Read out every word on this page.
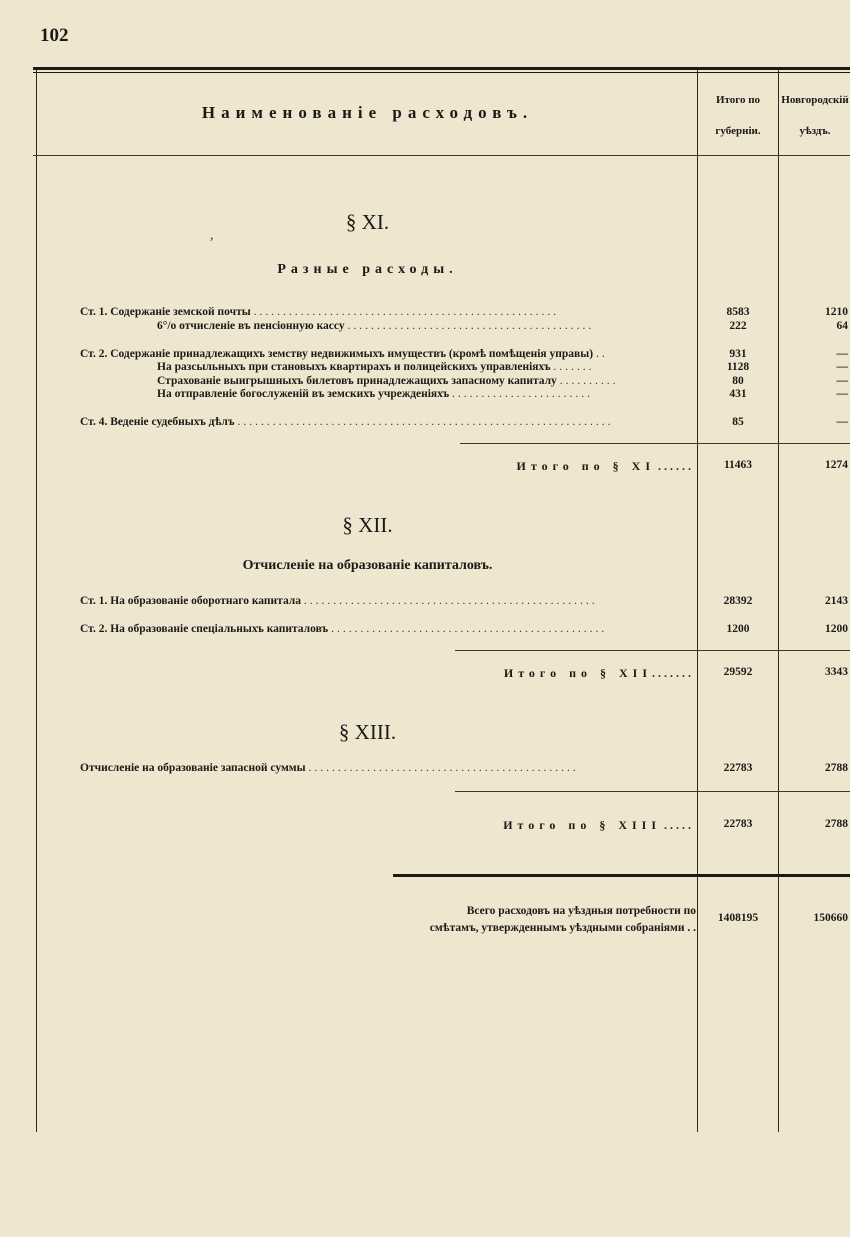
102
Наименованіе расходовъ.
Итого по
губерніи.
Новгородскій
уѣздъ.
§ XI.
,
Разные расходы.
Ст. 1. Содержаніе земской почты ....................................................	8583	1210
6°/o отчисленіе въ пенсіонную кассу ..........................................	222	64
Ст. 2. Содержаніе принадлежащихъ земству недвижимыхъ имуществъ (кромѣ помѣщенія управы) ..	931	—
На разсыльныхъ при становыхъ квартирахъ и полицейскихъ управленіяхъ .......	1128	—
Страхованіе выигрышныхъ билетовъ принадлежащихъ запасному капиталу ..........	80	—
На отправленіе богослуженій въ земскихъ учрежденіяхъ ........................	431	—
Ст. 4. Веденіе судебныхъ дѣлъ ................................................................	85	—
Итого по § XI ......	11463	1274
§ XII.
Отчисленіе на образованіе капиталовъ.
Ст. 1. На образованіе оборотнаго капитала ..................................................	28392	2143
Ст. 2. На образованіе спеціальныхъ капиталовъ ...............................................	1200	1200
Итого по § XII.......	29592	3343
§ XIII.
Отчисленіе на образованіе запасной суммы ..............................................	22783	2788
Итого по § XIII .....	22783	2788
Всего расходовъ на уѣздныя потребности по
смѣтамъ, утвержденнымъ уѣздными собраніями . .
1408195	150660
